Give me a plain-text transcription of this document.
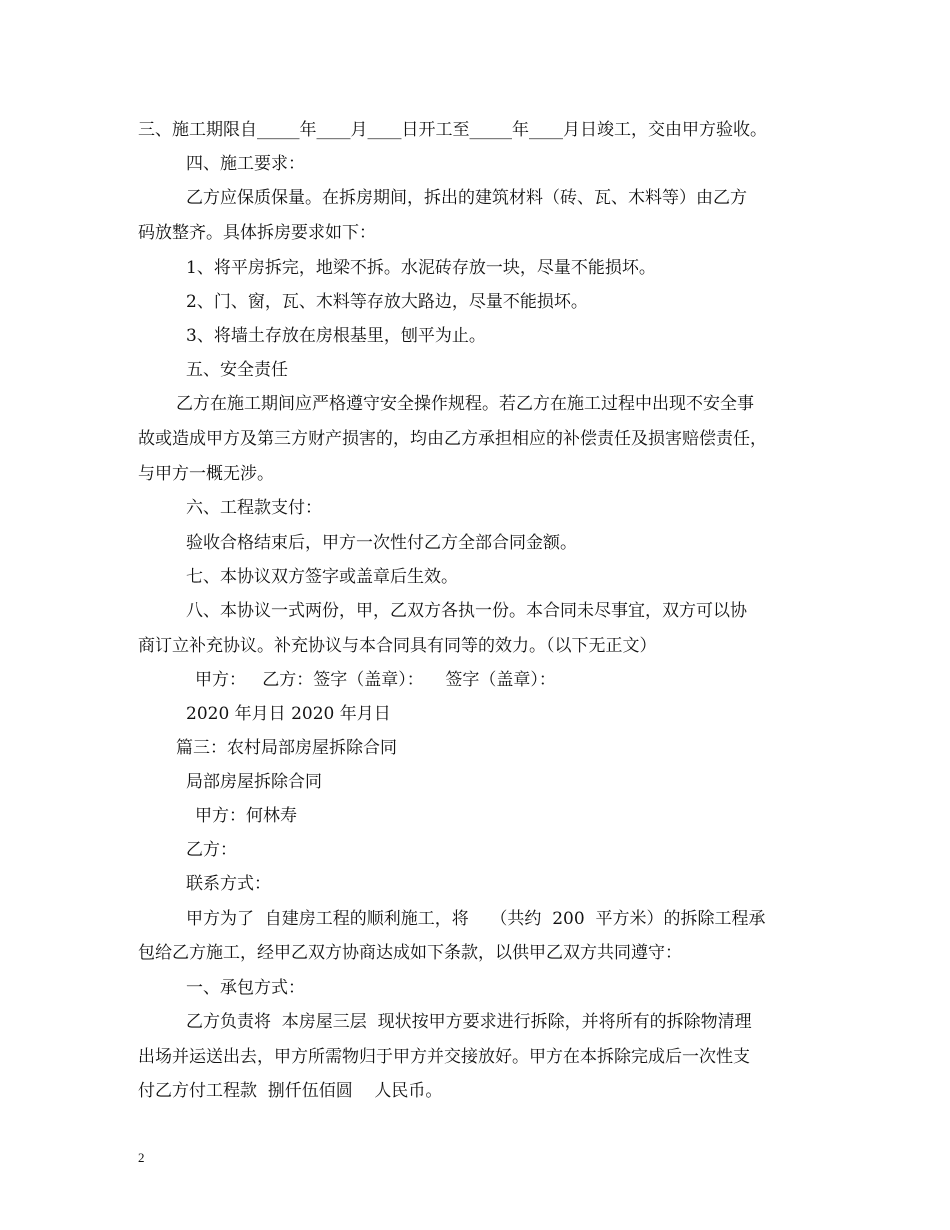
三、施工期限自_____年____月____日开工至_____年____月日竣工，交由甲方验收。
四、施工要求：
乙方应保质保量。在拆房期间，拆出的建筑材料（砖、瓦、木料等）由乙方
码放整齐。具体拆房要求如下：
1、将平房拆完，地梁不拆。水泥砖存放一块，尽量不能损坏。
2、门、窗，瓦、木料等存放大路边，尽量不能损坏。
3、将墙土存放在房根基里，刨平为止。
五、安全责任
乙方在施工期间应严格遵守安全操作规程。若乙方在施工过程中出现不安全事
故或造成甲方及第三方财产损害的，均由乙方承担相应的补偿责任及损害赔偿责任，
与甲方一概无涉。
六、工程款支付：
验收合格结束后，甲方一次性付乙方全部合同金额。
七、本协议双方签字或盖章后生效。
八、本协议一式两份，甲，乙双方各执一份。本合同未尽事宜，双方可以协
商订立补充协议。补充协议与本合同具有同等的效力。（以下无正文）
甲方：   乙方：签字（盖章）：    签字（盖章）：
2020 年月日 2020 年月日
篇三：农村局部房屋拆除合同
局部房屋拆除合同
甲方：何林寿
乙方：
联系方式：
甲方为了  自建房工程的顺利施工，将    （共约  200  平方米）的拆除工程承
包给乙方施工，经甲乙双方协商达成如下条款，以供甲乙双方共同遵守：
一、承包方式：
乙方负责将  本房屋三层  现状按甲方要求进行拆除，并将所有的拆除物清理
出场并运送出去，甲方所需物归于甲方并交接放好。甲方在本拆除完成后一次性支
付乙方付工程款  捌仟伍佰圆    人民币。
2
